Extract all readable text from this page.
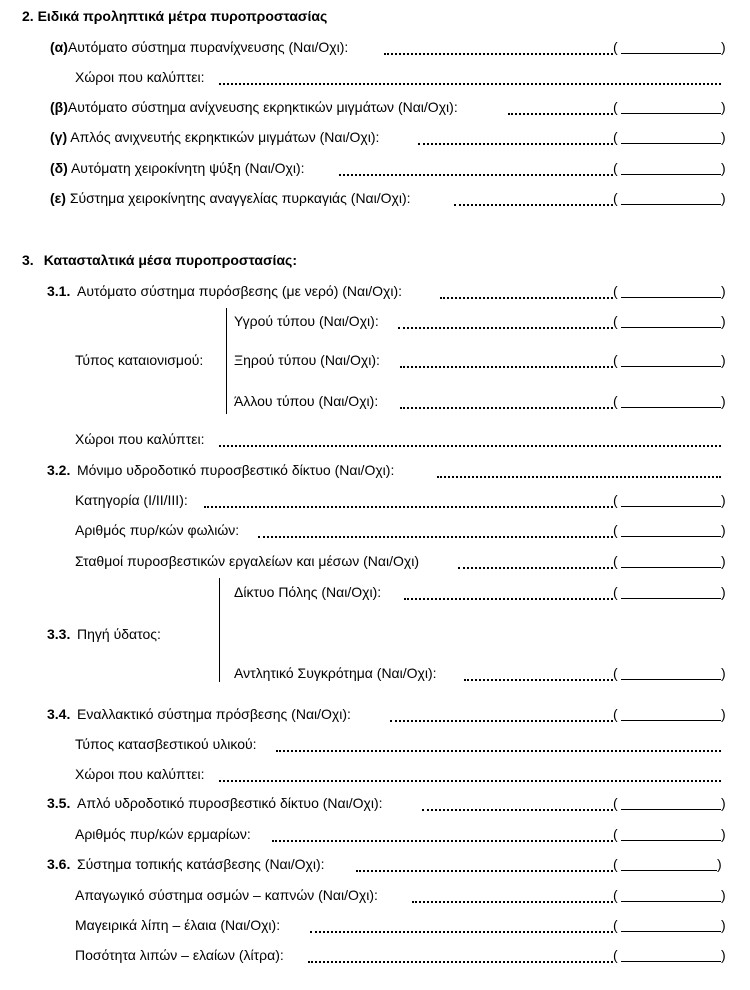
2. Ειδικά προληπτικά μέτρα πυροπροστασίας
(α)Αυτόματο σύστημα πυρανίχνευσης (Ναι/Οχι):	(	)
Χώροι που καλύπτει:
(β)Αυτόματο σύστημα ανίχνευσης εκρηκτικών μιγμάτων (Ναι/Οχι):	(	)
(γ) Απλός ανιχνευτής εκρηκτικών μιγμάτων (Ναι/Οχι):	(	)
(δ) Αυτόματη χειροκίνητη ψύξη (Ναι/Οχι):	(	)
(ε) Σύστημα χειροκίνητης αναγγελίας πυρκαγιάς (Ναι/Οχι):	(	)
3. Κατασταλτικά μέσα πυροπροστασίας:
3.1. Αυτόματο σύστημα πυρόσβεσης (με νερό) (Ναι/Οχι):	(	)
Τύπος καταιονισμού:
Υγρού τύπου (Ναι/Οχι):	(	)
Ξηρού τύπου (Ναι/Οχι):	(	)
Άλλου τύπου (Ναι/Οχι):	(	)
Χώροι που καλύπτει:
3.2. Μόνιμο υδροδοτικό πυροσβεστικό δίκτυο (Ναι/Οχι):
Κατηγορία (I/II/III):	(	)
Αριθμός πυρ/κών φωλιών:	(	)
Σταθμοί πυροσβεστικών εργαλείων και μέσων (Ναι/Οχι)	(	)
3.3. Πηγή ύδατος:
Δίκτυο Πόλης (Ναι/Οχι):	(	)
Αντλητικό Συγκρότημα (Ναι/Οχι):	(	)
3.4. Εναλλακτικό σύστημα πρόσβεσης (Ναι/Οχι):	(	)
Τύπος κατασβεστικού υλικού:
Χώροι που καλύπτει:
3.5. Απλό υδροδοτικό πυροσβεστικό δίκτυο (Ναι/Οχι):	(	)
Αριθμός πυρ/κών ερμαρίων:	(	)
3.6. Σύστημα τοπικής κατάσβεσης (Ναι/Οχι):	(	)
Απαγωγικό σύστημα οσμών – καπνών (Ναι/Οχι):	(	)
Μαγειρικά λίπη – έλαια (Ναι/Οχι):	(	)
Ποσότητα λιπών – ελαίων (λίτρα):	(	)
